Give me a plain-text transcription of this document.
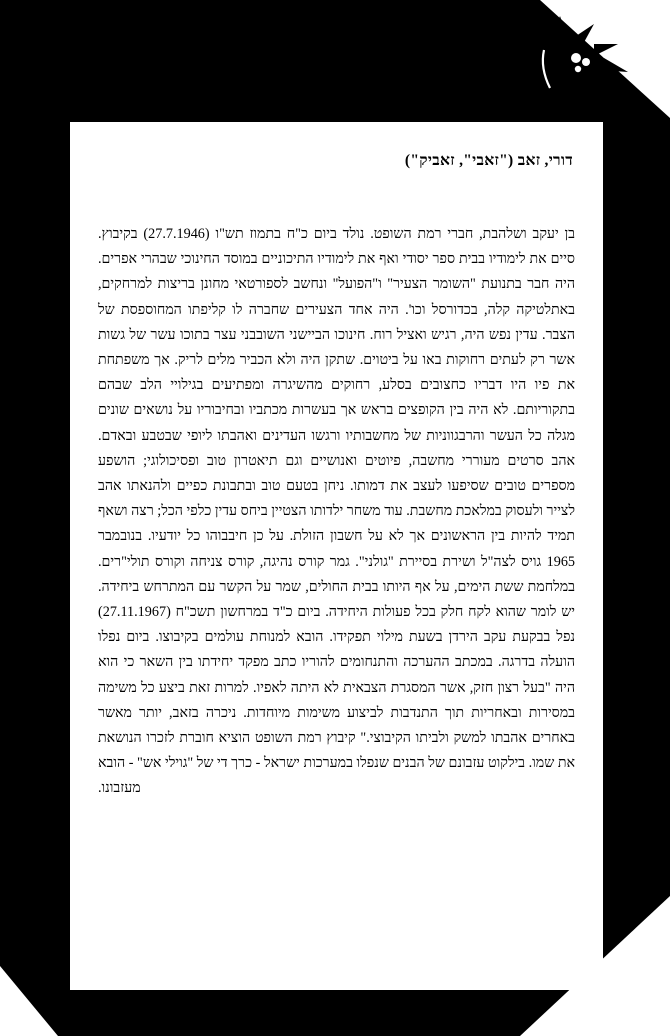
דורי, זאב ("זאבי", זאביק")

בן יעקב ושלהבת, חברי רמת השופט. נולד ביום כ"ח בתמוז תש"ו (27.7.1946) בקיבוץ. סיים את לימודיו בבית ספר יסודי ואף את לימודיו התיכוניים במוסד החינוכי שבהרי אפרים. היה חבר בתנועת "השומר הצעיר" ו"הפועל" ונחשב לספורטאי מחונן בריצות למרחקים, באתלטיקה קלה, בכדורסל וכו'. היה אחד הצעירים שחברה לו קליפתו המחוספסת של הצבר. עדין נפש היה, רגיש ואציל רוח. חינוכו הביישני השובבני עצר בתוכו עשר של גשות אשר רק לעתים רחוקות באו על ביטוים. שתקן היה ולא הכביר מלים לריק. אך משפתחת את פיו היו דבריו כחצובים בסלע, רחוקים מהשיגרה ומפתיעים בגילויי הלב שבהם בתקוריותם. לא היה בין הקופצים בראש אך בעשרות מכתביו ובחיבוריו על נושאים שונים מגלה כל העשר והרבגווניות של מחשבותיו ורגשו העדינים ואהבתו ליופי שבטבע ובאדם. אהב סרטים מעוררי מחשבה, פיוטים ואנושיים וגם תיאטרון טוב ופסיכולוגי; הושפע מספרים טובים שסיפעו לעצב את דמותו. ניחן בטעם טוב ובתבונת כפיים ולהנאתו אהב לצייר ולעסוק במלאכת מחשבת. עוד משחר ילדותו הצטיין ביחס עדין כלפי הכל; רצה ושאף תמיד להיות בין הראשונים אך לא על חשבון הזולת. על כן חיבבוהו כל יודעיו. בנובמבר 1965 גויס לצה"ל ושירת בסיירת "גולני". גמר קורס נהיגה, קורס צניחה וקורס תולי"רים. במלחמת ששת הימים, על אף היותו בבית החולים, שמר על הקשר עם המתרחש ביחידה. יש לומר שהוא לקח חלק בכל פעולות היחידה. ביום כ"ד במרחשון תשכ"ח (27.11.1967) נפל בבקעת עקב הירדן בשעת מילוי תפקידו. הובא למנוחת עולמים בקיבוצו. ביום נפלו הועלה בדרגה. במכתב ההערכה והתנחומים להוריו כתב מפקד יחידתו בין השאר כי הוא היה "בעל רצון חזק, אשר המסגרת הצבאית לא היתה לאפיו. למרות זאת ביצע כל משימה במסירות ובאחריות תוך התנדבות לביצוע משימות מיוחדות. ניכרה בזאב, יותר מאשר באחרים אהבתו למשק ולביתו הקיבוצי." קיבוץ רמת השופט הוציא חוברת לזכרו הנושאת את שמו. בילקוט עזבונם של הבנים שנפלו במערכות ישראל - כרך די של "גוילי אש" - הובא מעזבונו.
